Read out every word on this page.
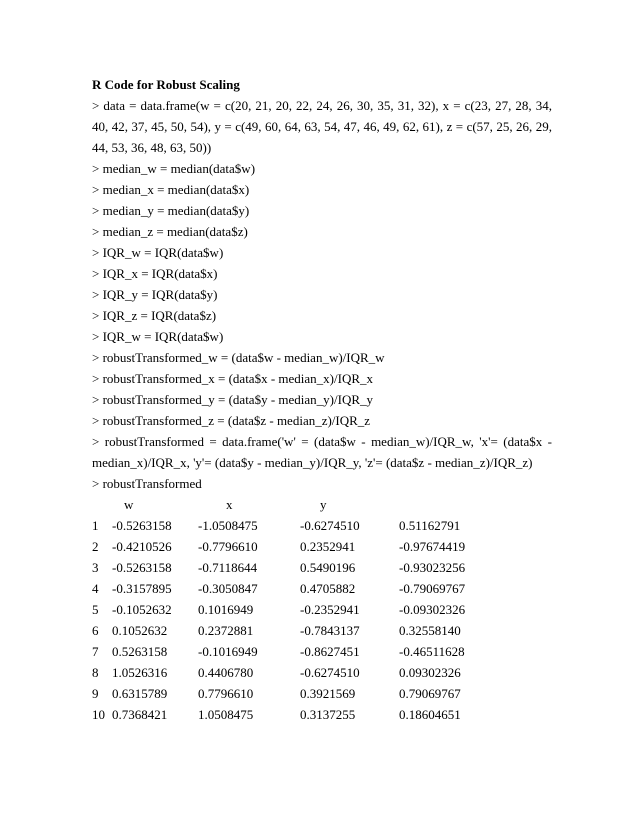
R Code for Robust Scaling

> data = data.frame(w = c(20, 21, 20, 22, 24, 26, 30, 35, 31, 32), x = c(23, 27, 28, 34, 40, 42, 37, 45, 50, 54), y = c(49, 60, 64, 63, 54, 47, 46, 49, 62, 61), z = c(57, 25, 26, 29, 44, 53, 36, 48, 63, 50))

> median_w = median(data$w)

> median_x = median(data$x)

> median_y = median(data$y)

> median_z = median(data$z)

> IQR_w = IQR(data$w)

> IQR_x = IQR(data$x)

> IQR_y = IQR(data$y)

> IQR_z = IQR(data$z)

> IQR_w = IQR(data$w)

> robustTransformed_w = (data$w - median_w)/IQR_w

> robustTransformed_x = (data$x - median_x)/IQR_x

> robustTransformed_y = (data$y - median_y)/IQR_y

> robustTransformed_z = (data$z - median_z)/IQR_z

> robustTransformed = data.frame('w' = (data$w - median_w)/IQR_w, 'x'= (data$x - median_x)/IQR_x, 'y'= (data$y - median_y)/IQR_y, 'z'= (data$z - median_z)/IQR_z)

> robustTransformed

	w	x	y	
1	-0.5263158	-1.0508475	-0.6274510	0.51162791
2	-0.4210526	-0.7796610	0.2352941	-0.97674419
3	-0.5263158	-0.7118644	0.5490196	-0.93023256
4	-0.3157895	-0.3050847	0.4705882	-0.79069767
5	-0.1052632	0.1016949	-0.2352941	-0.09302326
6	0.1052632	0.2372881	-0.7843137	0.32558140
7	0.5263158	-0.1016949	-0.8627451	-0.46511628
8	1.0526316	0.4406780	-0.6274510	0.09302326
9	0.6315789	0.7796610	0.3921569	0.79069767
10	0.7368421	1.0508475	0.3137255	0.18604651
